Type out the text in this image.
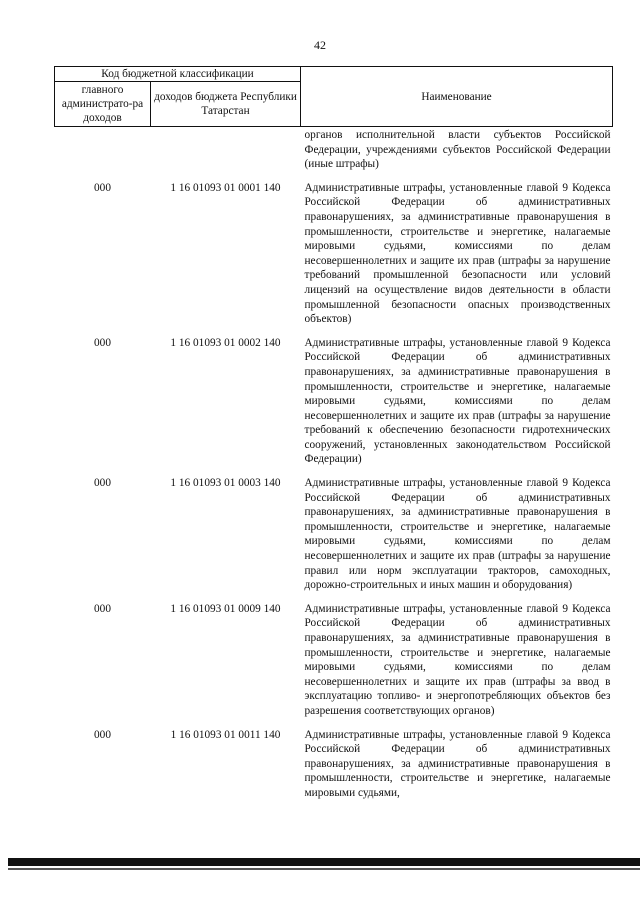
42
Код бюджетной классификации		Наименование
главного администрато-ра доходов	доходов бюджета Республики Татарстан	
		органов исполнительной власти субъектов Российской Федерации, учреждениями субъектов Российской Федерации (иные штрафы)
000	1 16 01093 01 0001 140	Административные штрафы, установленные главой 9 Кодекса Российской Федерации об административных правонарушениях, за административные правонарушения в промышленности, строительстве и энергетике, налагаемые мировыми судьями, комиссиями по делам несовершеннолетних и защите их прав (штрафы за нарушение требований промышленной безопасности или условий лицензий на осуществление видов деятельности в области промышленной безопасности опасных производственных объектов)
000	1 16 01093 01 0002 140	Административные штрафы, установленные главой 9 Кодекса Российской Федерации об административных правонарушениях, за административные правонарушения в промышленности, строительстве и энергетике, налагаемые мировыми судьями, комиссиями по делам несовершеннолетних и защите их прав (штрафы за нарушение требований к обеспечению безопасности гидротехнических сооружений, установленных законодательством Российской Федерации)
000	1 16 01093 01 0003 140	Административные штрафы, установленные главой 9 Кодекса Российской Федерации об административных правонарушениях, за административные правонарушения в промышленности, строительстве и энергетике, налагаемые мировыми судьями, комиссиями по делам несовершеннолетних и защите их прав (штрафы за нарушение правил или норм эксплуатации тракторов, самоходных, дорожно-строительных и иных машин и оборудования)
000	1 16 01093 01 0009 140	Административные штрафы, установленные главой 9 Кодекса Российской Федерации об административных правонарушениях, за административные правонарушения в промышленности, строительстве и энергетике, налагаемые мировыми судьями, комиссиями по делам несовершеннолетних и защите их прав (штрафы за ввод в эксплуатацию топливо- и энергопотребляющих объектов без разрешения соответствующих органов)
000	1 16 01093 01 0011 140	Административные штрафы, установленные главой 9 Кодекса Российской Федерации об административных правонарушениях, за административные правонарушения в промышленности, строительстве и энергетике, налагаемые мировыми судьями,
